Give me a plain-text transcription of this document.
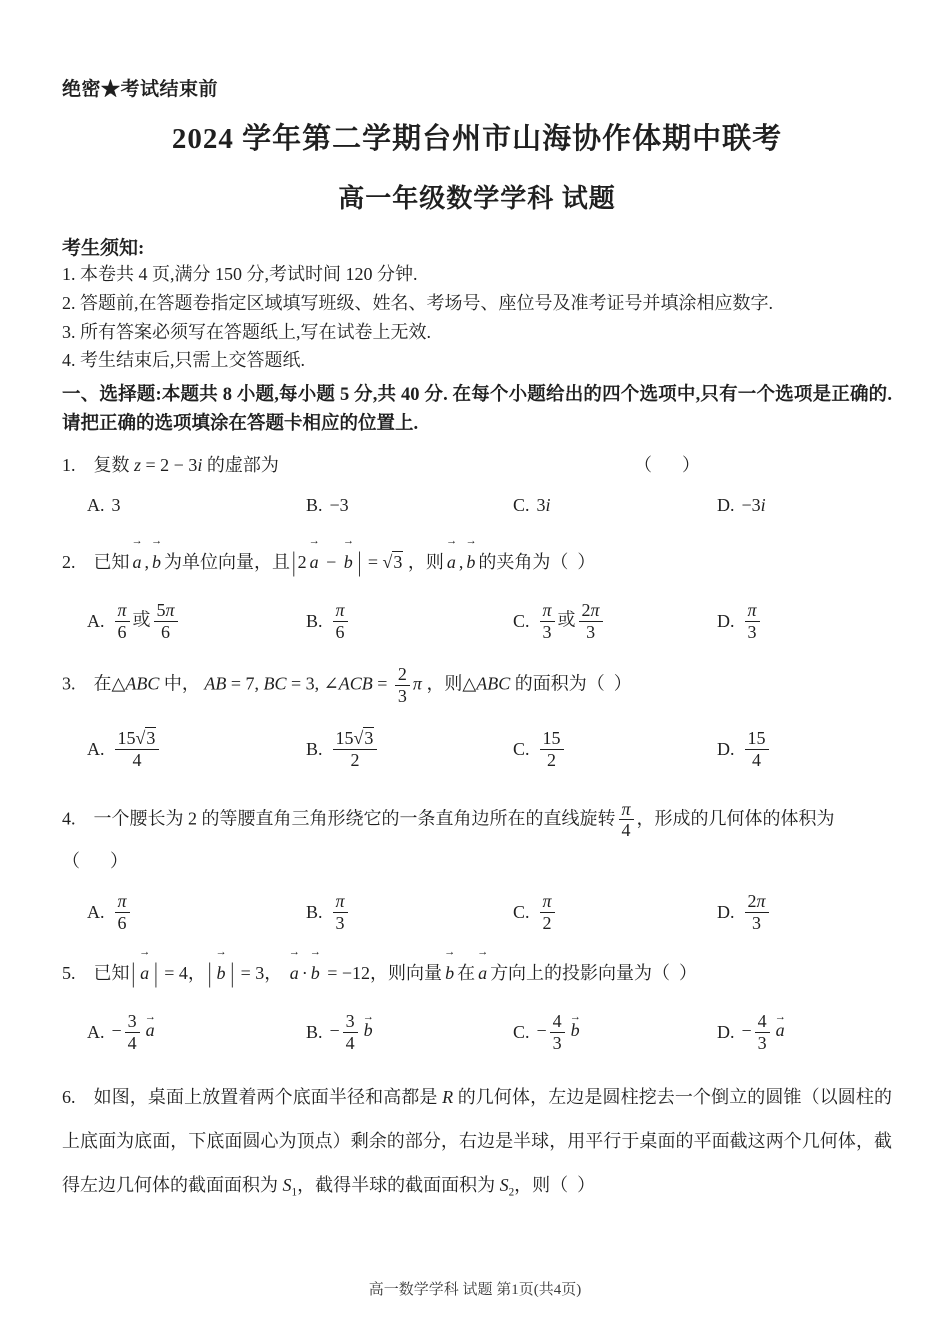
绝密★考试结束前
2024 学年第二学期台州市山海协作体期中联考
高一年级数学学科 试题
考生须知:
1. 本卷共 4 页,满分 150 分,考试时间 120 分钟.
2. 答题前,在答题卷指定区域填写班级、姓名、考场号、座位号及准考证号并填涂相应数字.
3. 所有答案必须写在答题纸上,写在试卷上无效.
4. 考生结束后,只需上交答题纸.
一、选择题:本题共 8 小题,每小题 5 分,共 40 分. 在每个小题给出的四个选项中,只有一个选项是正确的. 请把正确的选项填涂在答题卡相应的位置上.
1. 复数 z = 2 − 3i 的虚部为	（　）
A. 3	B. −3	C. 3i	D. −3i
2. 已知
→
a ,
→
b 为单位向量，且 | 2
→
a −
→
b | = √3 ，则
→
a ,
→
b 的夹角为（ ）
A. $\frac{\pi}{6}$ 或 $\frac{5\pi}{6}$	B. $\frac{\pi}{6}$	C. $\frac{\pi}{3}$ 或 $\frac{2\pi}{3}$	D. $\frac{\pi}{3}$
3. 在△ABC 中， AB = 7, BC = 3, ∠ACB = $\frac{2}{3}$ π ，则△ABC 的面积为（ ）
A. $\frac{15√3}{4}$	B. $\frac{15√3}{2}$	C. $\frac{15}{2}$	D. $\frac{15}{4}$
4. 一个腰长为 2 的等腰直角三角形绕它的一条直角边所在的直线旋转 $\frac{\pi}{4}$ ，形成的几何体的体积为
（　）
A. $\frac{\pi}{6}$	B. $\frac{\pi}{3}$	C. $\frac{\pi}{2}$	D. $\frac{2\pi}{3}$
5. 已知 |
→
a | = 4， |
→
b | = 3，
→
a ·
→
b = −12，则向量
→
b 在
→
a 方向上的投影向量为（ ）
A. − $\frac{3}{4}$ →
a	B. − $\frac{3}{4}$ →
b	C. − $\frac{4}{3}$ →
b	D. − $\frac{4}{3}$ →
a
6. 如图，桌面上放置着两个底面半径和高都是 R 的几何体，左边是圆柱挖去一个倒立的圆锥（以圆柱的上底面为底面，下底面圆心为顶点）剩余的部分，右边是半球，用平行于桌面的平面截这两个几何体，截得左边几何体的截面面积为 $S_1$，截得半球的截面面积为 $S_2$，则（ ）
高一数学学科 试题 第1页(共4页)
